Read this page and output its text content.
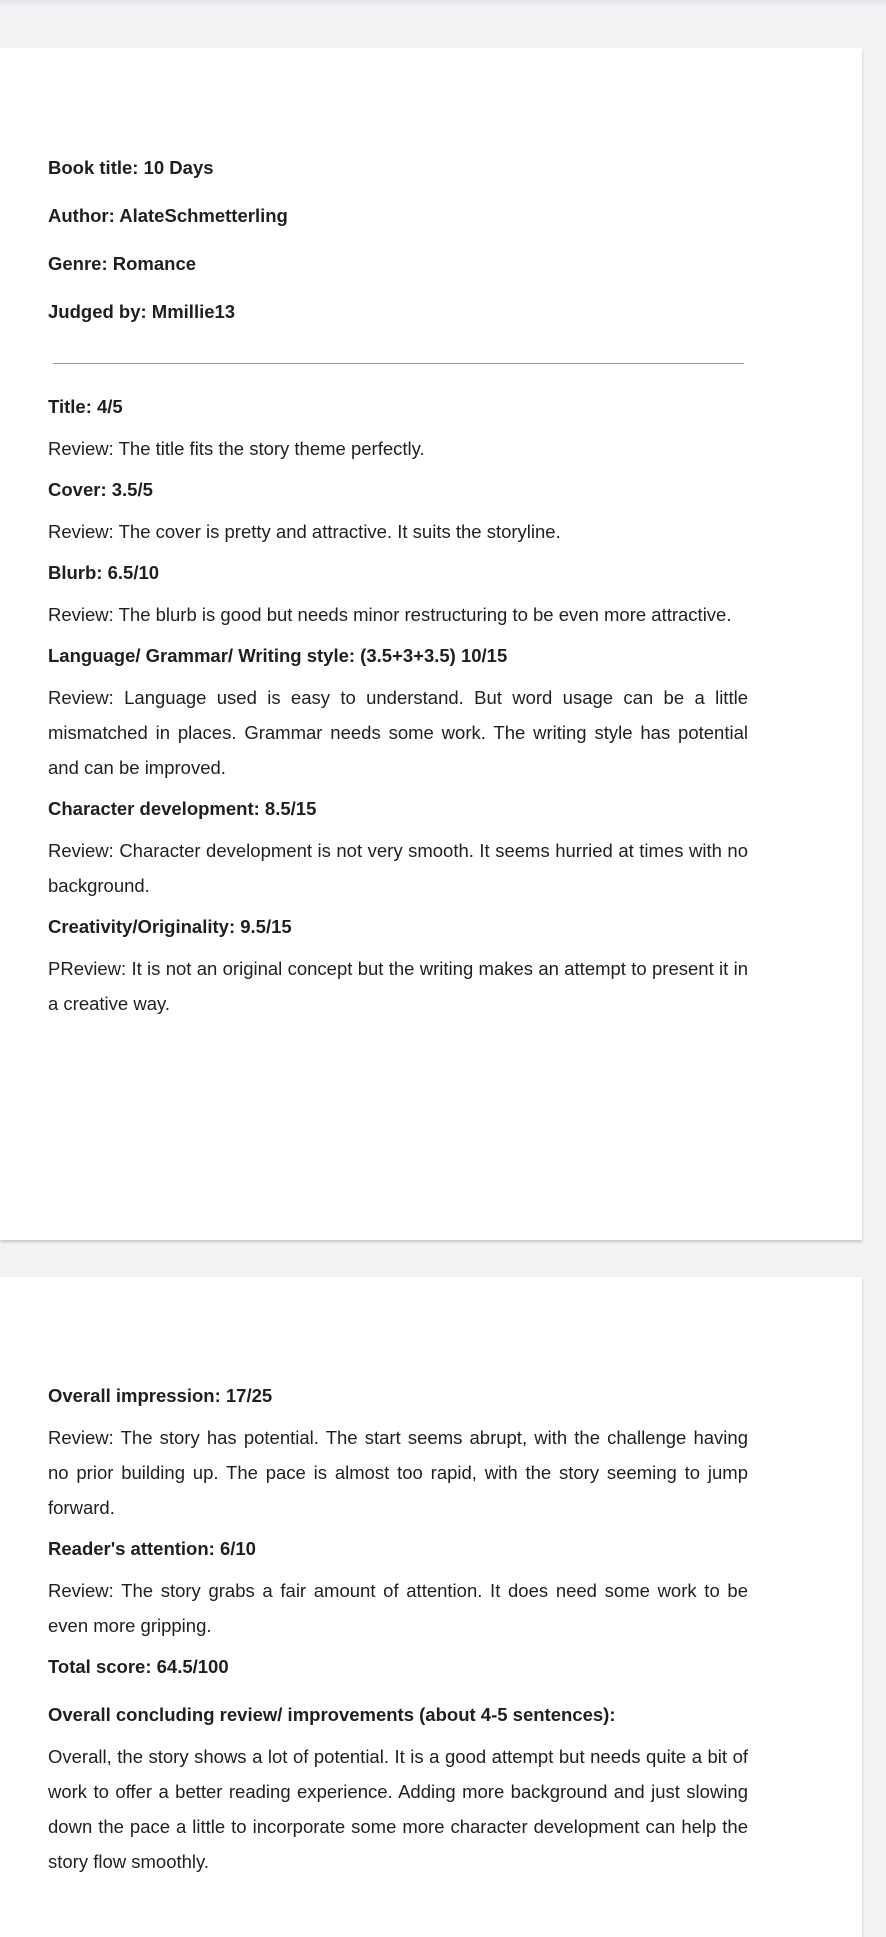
Book title: 10 Days

Author: AlateSchmetterling

Genre: Romance

Judged by: Mmillie13

Title: 4/5

Review: The title fits the story theme perfectly.

Cover: 3.5/5

Review: The cover is pretty and attractive. It suits the storyline.

Blurb: 6.5/10

Review: The blurb is good but needs minor restructuring to be even more attractive.

Language/ Grammar/ Writing style: (3.5+3+3.5) 10/15

Review: Language used is easy to understand. But word usage can be a little mismatched in places. Grammar needs some work. The writing style has potential and can be improved.

Character development: 8.5/15

Review: Character development is not very smooth. It seems hurried at times with no background.

Creativity/Originality: 9.5/15

PReview: It is not an original concept but the writing makes an attempt to present it in a creative way.

Overall impression: 17/25

Review: The story has potential. The start seems abrupt, with the challenge having no prior building up. The pace is almost too rapid, with the story seeming to jump forward.

Reader's attention: 6/10

Review: The story grabs a fair amount of attention. It does need some work to be even more gripping.

Total score: 64.5/100

Overall concluding review/ improvements (about 4-5 sentences):

Overall, the story shows a lot of potential. It is a good attempt but needs quite a bit of work to offer a better reading experience. Adding more background and just slowing down the pace a little to incorporate some more character development can help the story flow smoothly.
